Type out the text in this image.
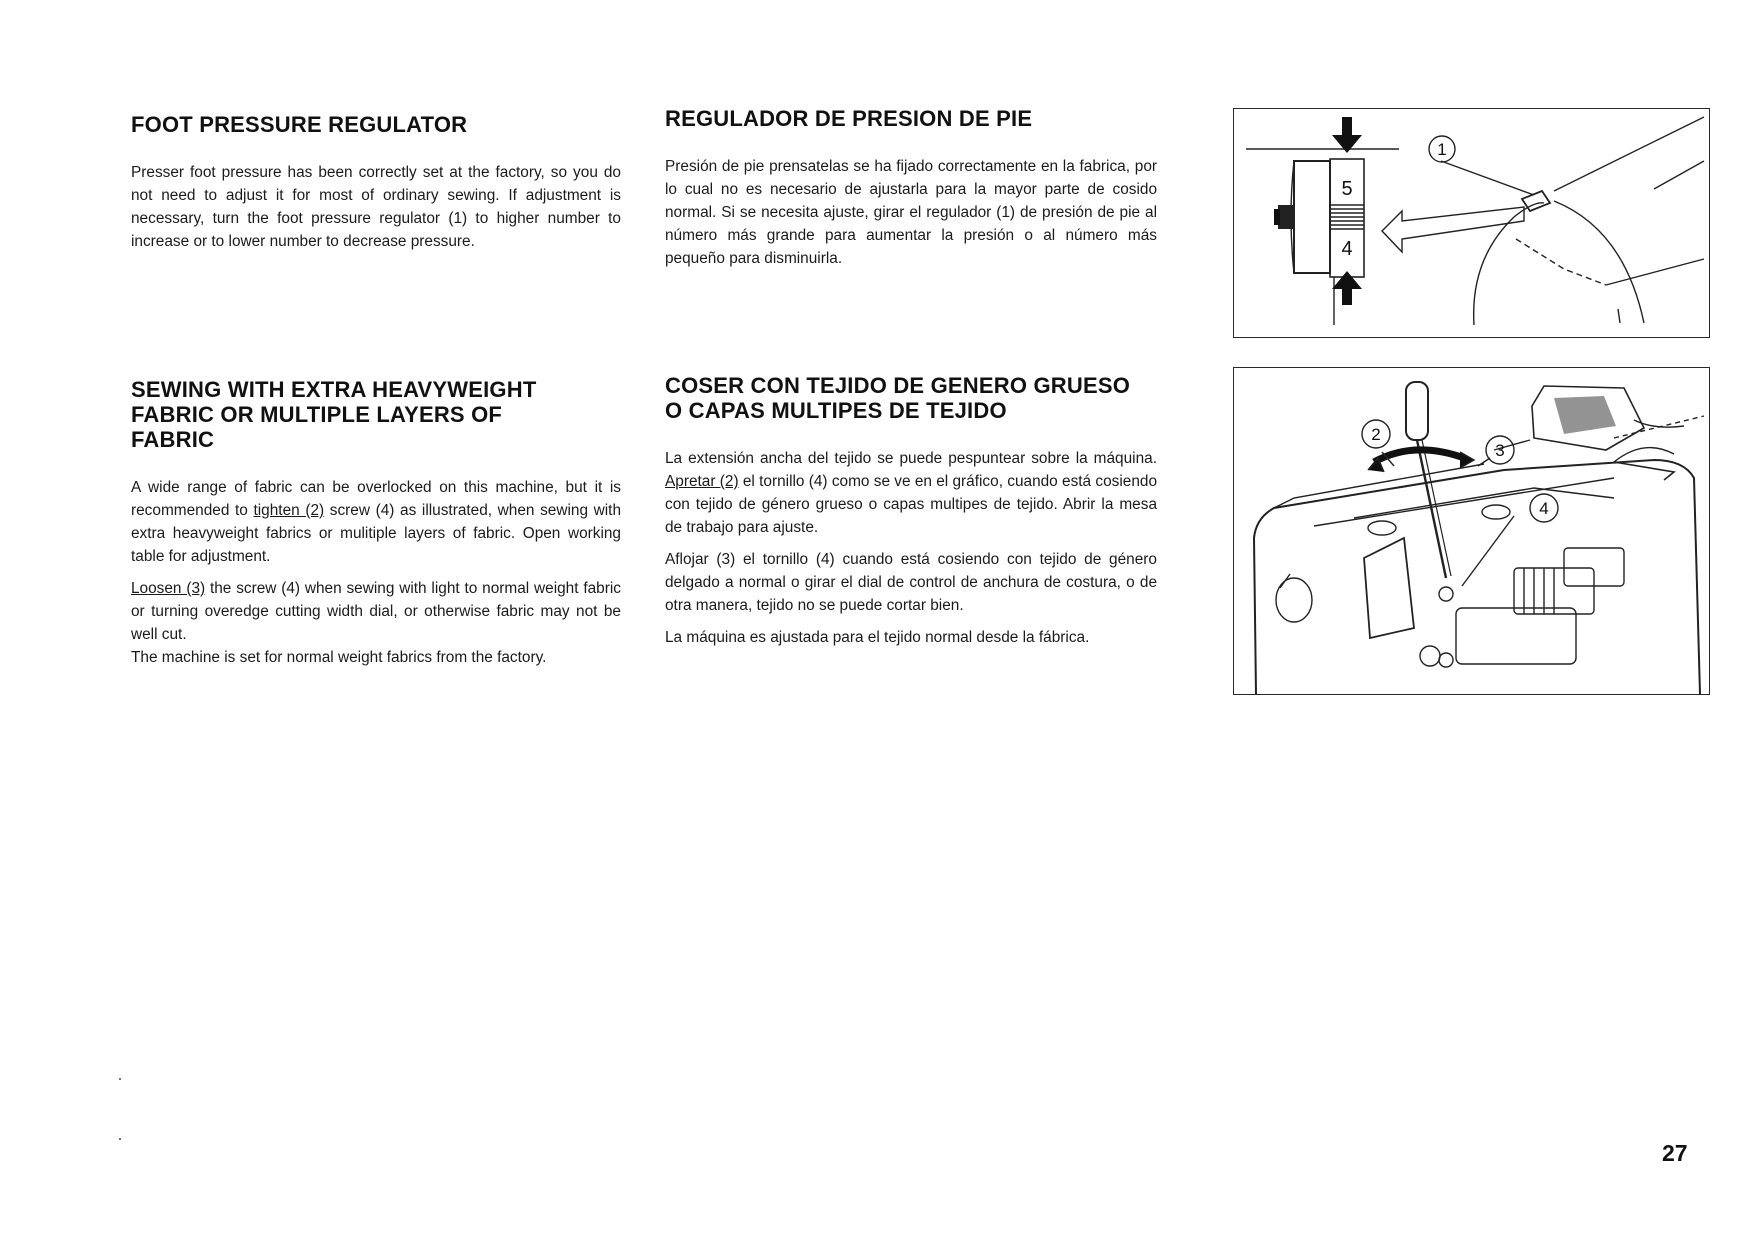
FOOT PRESSURE REGULATOR

Presser foot pressure has been correctly set at the factory, so you do not need to adjust it for most of ordinary sewing. If adjustment is necessary, turn the foot pressure regulator (1) to higher number to increase or to lower number to decrease pressure.

SEWING WITH EXTRA HEAVYWEIGHT FABRIC OR MULTIPLE LAYERS OF FABRIC

A wide range of fabric can be overlocked on this machine, but it is recommended to tighten (2) screw (4) as illustrated, when sewing with extra heavyweight fabrics or mulitiple layers of fabric. Open working table for adjustment.

Loosen (3) the screw (4) when sewing with light to normal weight fabric or turning overedge cutting width dial, or otherwise fabric may not be well cut.

The machine is set for normal weight fabrics from the factory.

REGULADOR DE PRESION DE PIE

Presión de pie prensatelas se ha fijado correctamente en la fabrica, por lo cual no es necesario de ajustarla para la mayor parte de cosido normal. Si se necesita ajuste, girar el regulador (1) de presión de pie al número más grande para aumentar la presión o al número más pequeño para disminuirla.

COSER CON TEJIDO DE GENERO GRUESO O CAPAS MULTIPES DE TEJIDO

La extensión ancha del tejido se puede pespuntear sobre la máquina. Apretar (2) el tornillo (4) como se ve en el gráfico, cuando está cosiendo con tejido de género grueso o capas multipes de tejido. Abrir la mesa de trabajo para ajuste.

Aflojar (3) el tornillo (4) cuando está cosiendo con tejido de género delgado a normal o girar el dial de control de anchura de costura, o de otra manera, tejido no se puede cortar bien.

La máquina es ajustada para el tejido normal desde la fábrica.

5
4
1
2
3
4
27
